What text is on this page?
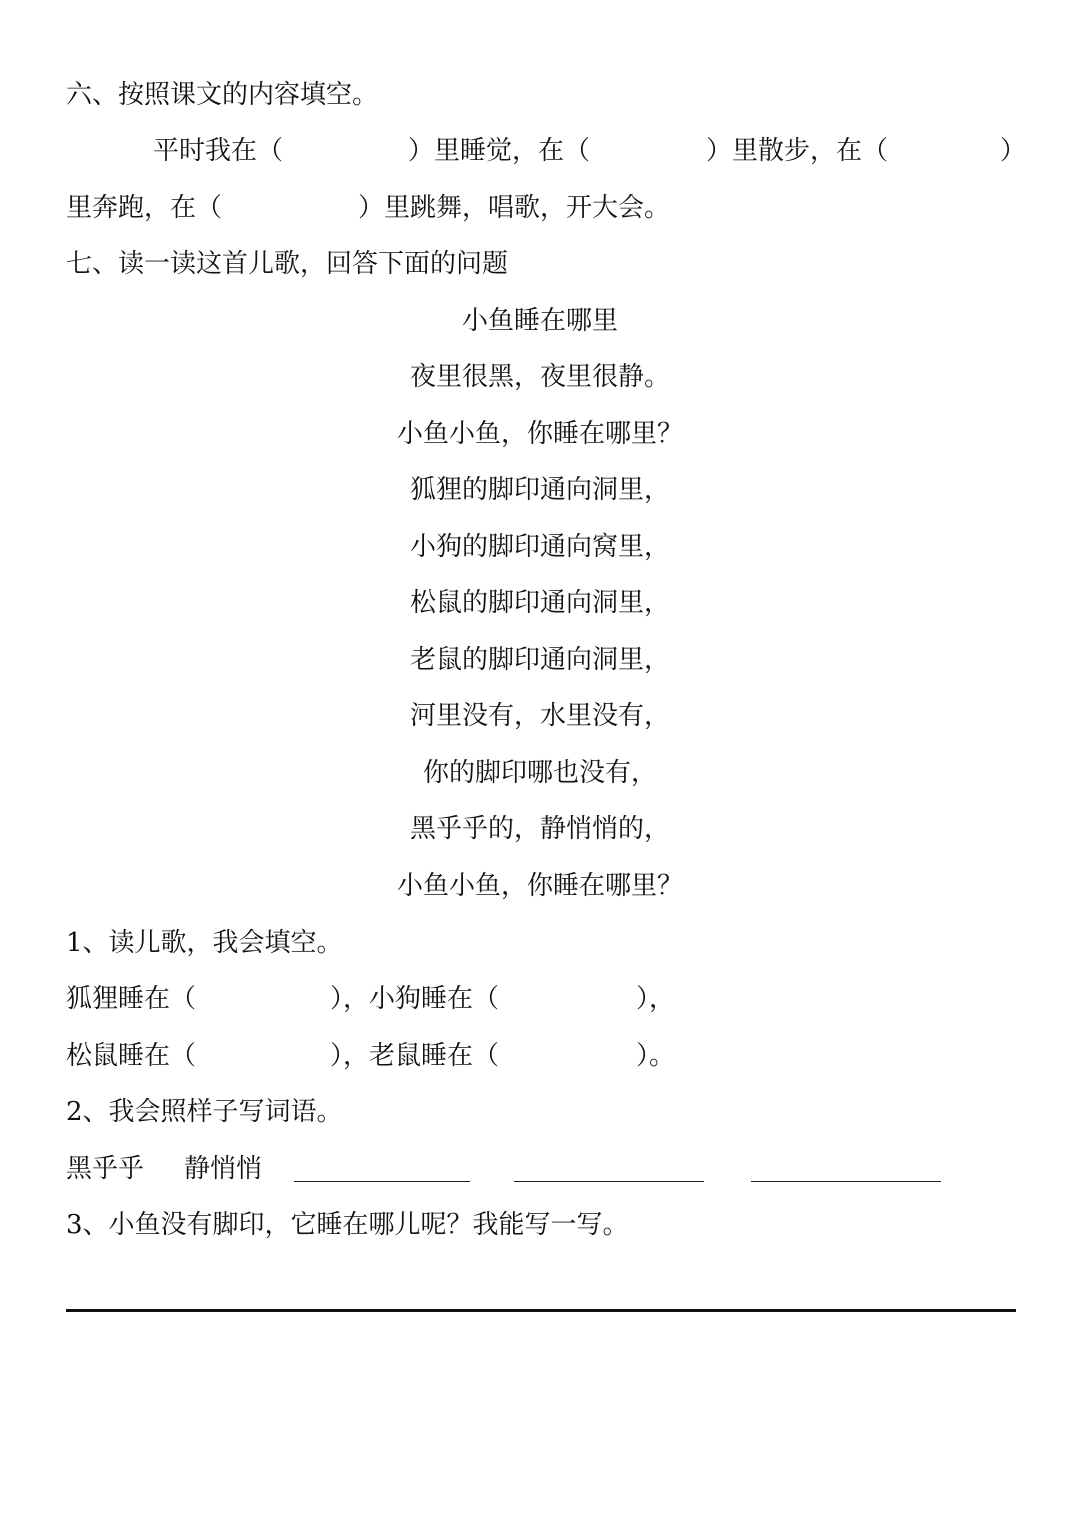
六、按照课文的内容填空。
平时我在（	）里睡觉，在（	）里散步，在（	）
里奔跑，在（	）里跳舞，唱歌，开大会。
七、读一读这首儿歌，回答下面的问题
小鱼睡在哪里
夜里很黑，夜里很静。
小鱼小鱼，你睡在哪里？
狐狸的脚印通向洞里，
小狗的脚印通向窝里，
松鼠的脚印通向洞里，
老鼠的脚印通向洞里，
河里没有，水里没有，
你的脚印哪也没有，
黑乎乎的，静悄悄的，
小鱼小鱼，你睡在哪里？
1、读儿歌，我会填空。
狐狸睡在（	），小狗睡在（	），
松鼠睡在（	），老鼠睡在（	）。
2、我会照样子写词语。
黑乎乎 静悄悄
3、小鱼没有脚印，它睡在哪儿呢？我能写一写。
